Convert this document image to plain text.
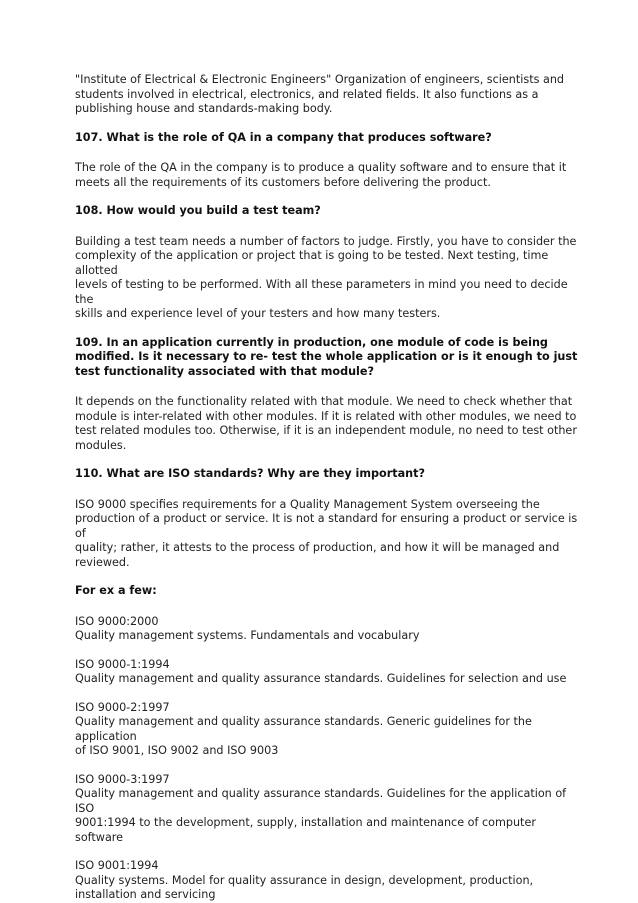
"Institute of Electrical & Electronic Engineers" Organization of engineers, scientists and
students involved in electrical, electronics, and related fields. It also functions as a
publishing house and standards-making body.

107. What is the role of QA in a company that produces software?

The role of the QA in the company is to produce a quality software and to ensure that it
meets all the requirements of its customers before delivering the product.

108. How would you build a test team?

Building a test team needs a number of factors to judge. Firstly, you have to consider the
complexity of the application or project that is going to be tested. Next testing, time allotted
levels of testing to be performed. With all these parameters in mind you need to decide the
skills and experience level of your testers and how many testers.

109. In an application currently in production, one module of code is being
modified. Is it necessary to re- test the whole application or is it enough to just
test functionality associated with that module?

It depends on the functionality related with that module. We need to check whether that
module is inter-related with other modules. If it is related with other modules, we need to
test related modules too. Otherwise, if it is an independent module, no need to test other
modules.

110. What are ISO standards? Why are they important?

ISO 9000 specifies requirements for a Quality Management System overseeing the
production of a product or service. It is not a standard for ensuring a product or service is of
quality; rather, it attests to the process of production, and how it will be managed and
reviewed.

For ex a few:
ISO 9000:2000
Quality management systems. Fundamentals and vocabulary
ISO 9000-1:1994
Quality management and quality assurance standards. Guidelines for selection and use
ISO 9000-2:1997
Quality management and quality assurance standards. Generic guidelines for the application
of ISO 9001, ISO 9002 and ISO 9003
ISO 9000-3:1997
Quality management and quality assurance standards. Guidelines for the application of ISO
9001:1994 to the development, supply, installation and maintenance of computer software
ISO 9001:1994
Quality systems. Model for quality assurance in design, development, production,
installation and servicing
